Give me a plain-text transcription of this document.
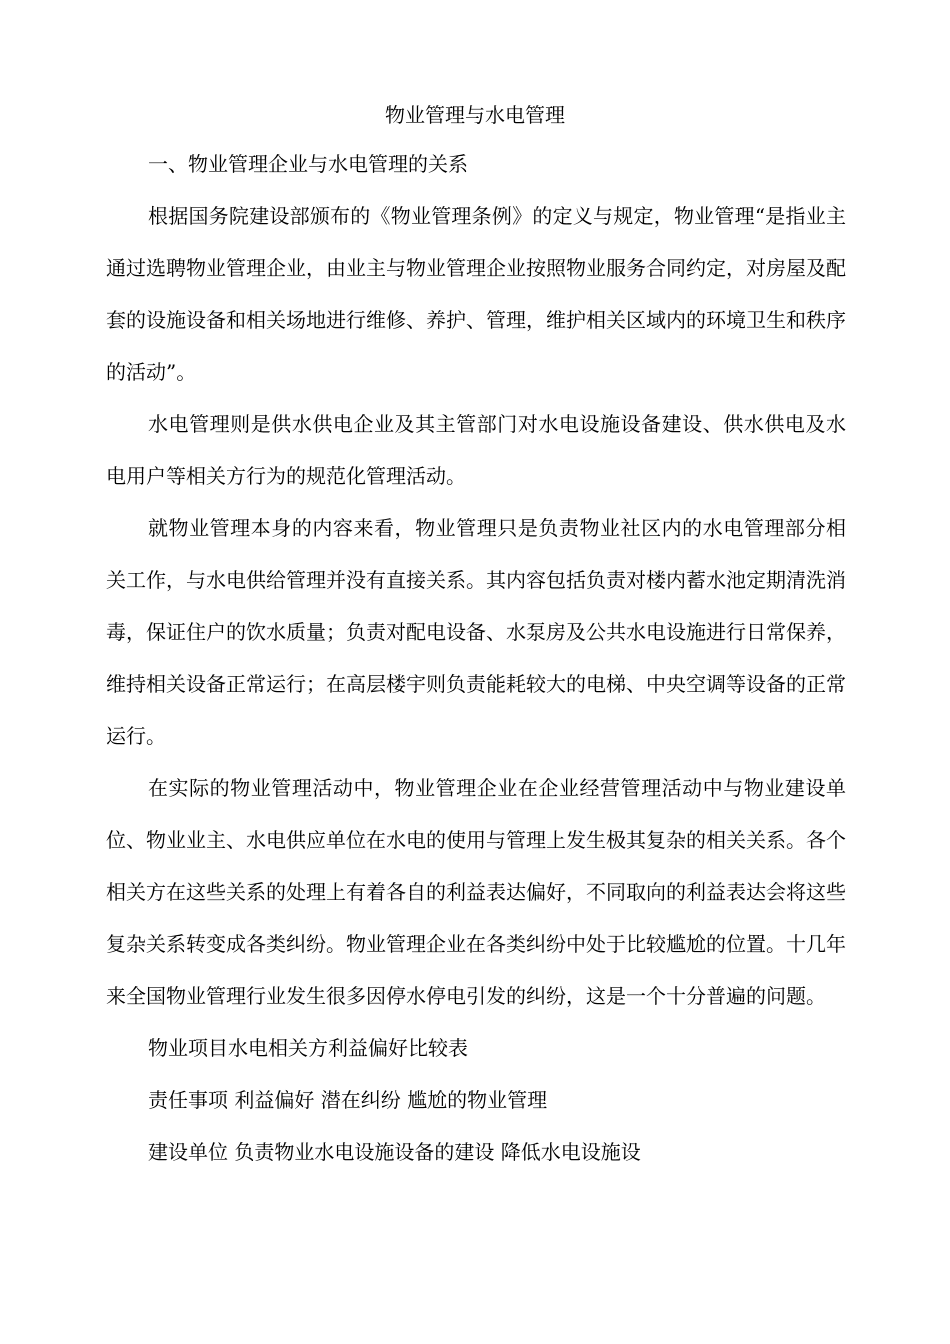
物业管理与水电管理

一、物业管理企业与水电管理的关系

根据国务院建设部颁布的《物业管理条例》的定义与规定，物业管理“是指业主通过选聘物业管理企业，由业主与物业管理企业按照物业服务合同约定，对房屋及配套的设施设备和相关场地进行维修、养护、管理，维护相关区域内的环境卫生和秩序的活动”。

水电管理则是供水供电企业及其主管部门对水电设施设备建设、供水供电及水电用户等相关方行为的规范化管理活动。

就物业管理本身的内容来看，物业管理只是负责物业社区内的水电管理部分相关工作，与水电供给管理并没有直接关系。其内容包括负责对楼内蓄水池定期清洗消毒，保证住户的饮水质量；负责对配电设备、水泵房及公共水电设施进行日常保养，维持相关设备正常运行；在高层楼宇则负责能耗较大的电梯、中央空调等设备的正常运行。

在实际的物业管理活动中，物业管理企业在企业经营管理活动中与物业建设单位、物业业主、水电供应单位在水电的使用与管理上发生极其复杂的相关关系。各个相关方在这些关系的处理上有着各自的利益表达偏好，不同取向的利益表达会将这些复杂关系转变成各类纠纷。物业管理企业在各类纠纷中处于比较尴尬的位置。十几年来全国物业管理行业发生很多因停水停电引发的纠纷，这是一个十分普遍的问题。

物业项目水电相关方利益偏好比较表

责任事项 利益偏好 潜在纠纷 尴尬的物业管理

建设单位 负责物业水电设施设备的建设 降低水电设施设
